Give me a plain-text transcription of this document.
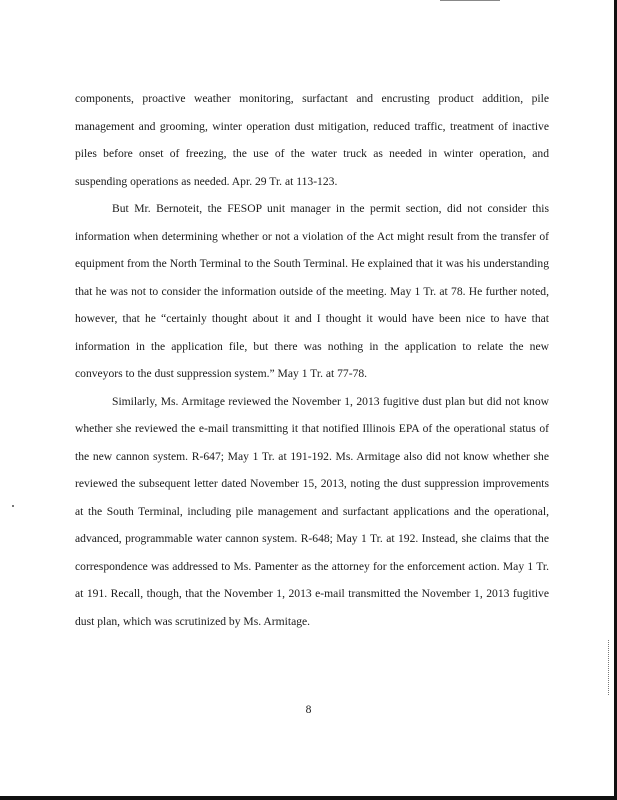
components, proactive weather monitoring, surfactant and encrusting product addition, pile management and grooming, winter operation dust mitigation, reduced traffic, treatment of inactive piles before onset of freezing, the use of the water truck as needed in winter operation, and suspending operations as needed. Apr. 29 Tr. at 113-123.

But Mr. Bernoteit, the FESOP unit manager in the permit section, did not consider this information when determining whether or not a violation of the Act might result from the transfer of equipment from the North Terminal to the South Terminal. He explained that it was his understanding that he was not to consider the information outside of the meeting. May 1 Tr. at 78. He further noted, however, that he “certainly thought about it and I thought it would have been nice to have that information in the application file, but there was nothing in the application to relate the new conveyors to the dust suppression system.” May 1 Tr. at 77-78.

Similarly, Ms. Armitage reviewed the November 1, 2013 fugitive dust plan but did not know whether she reviewed the e-mail transmitting it that notified Illinois EPA of the operational status of the new cannon system. R-647; May 1 Tr. at 191-192. Ms. Armitage also did not know whether she reviewed the subsequent letter dated November 15, 2013, noting the dust suppression improvements at the South Terminal, including pile management and surfactant applications and the operational, advanced, programmable water cannon system. R-648; May 1 Tr. at 192. Instead, she claims that the correspondence was addressed to Ms. Pamenter as the attorney for the enforcement action. May 1 Tr. at 191. Recall, though, that the November 1, 2013 e-mail transmitted the November 1, 2013 fugitive dust plan, which was scrutinized by Ms. Armitage.

8
